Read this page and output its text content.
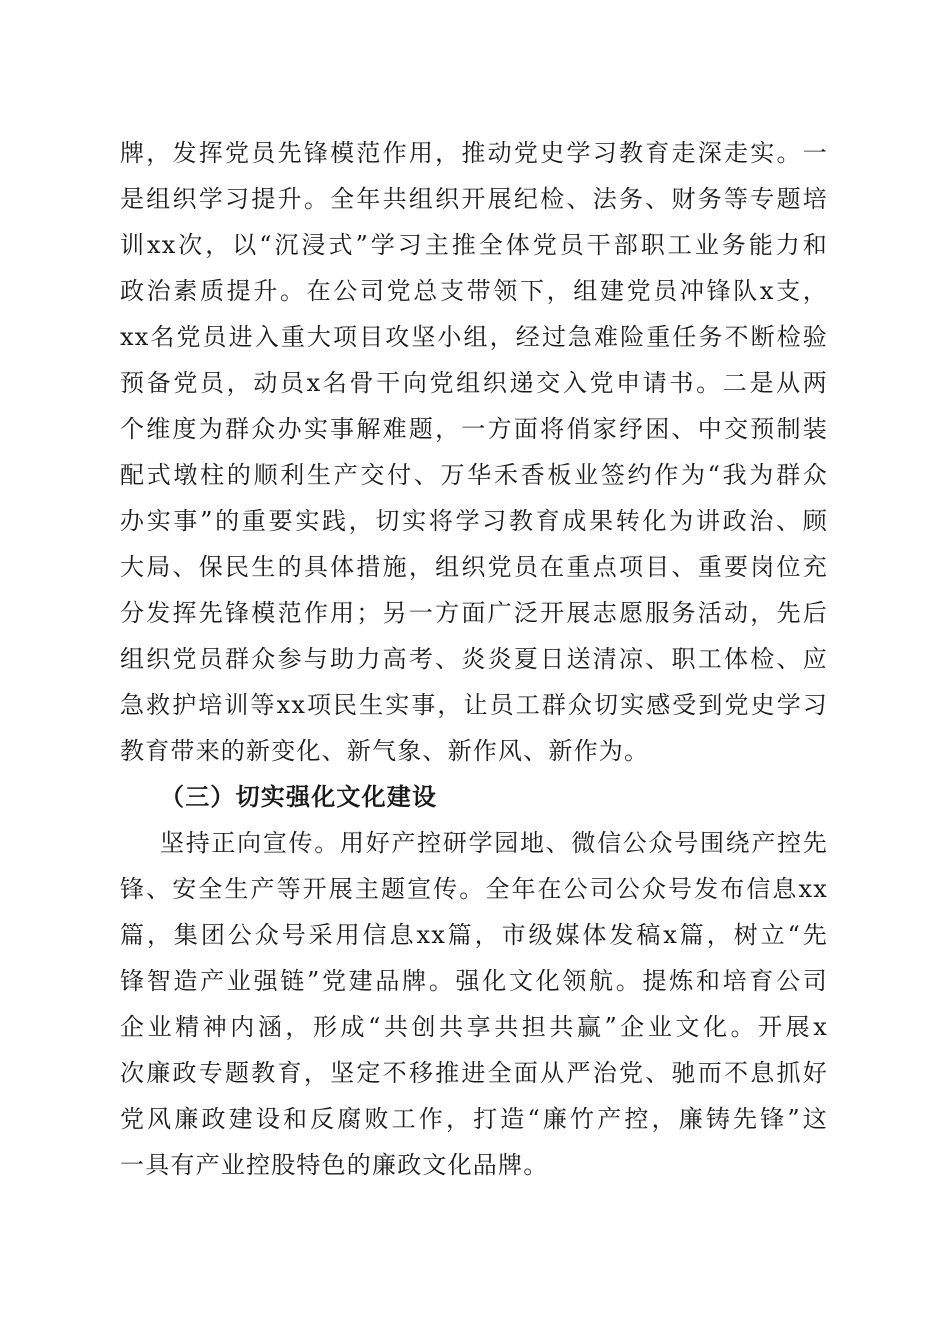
牌，发挥党员先锋模范作用，推动党史学习教育走深走实。一
是组织学习提升。全年共组织开展纪检、法务、财务等专题培
训xx次，以“沉浸式”学习主推全体党员干部职工业务能力和
政治素质提升。在公司党总支带领下，组建党员冲锋队x支，
xx名党员进入重大项目攻坚小组，经过急难险重任务不断检验
预备党员，动员x名骨干向党组织递交入党申请书。二是从两
个维度为群众办实事解难题，一方面将俏家纾困、中交预制装
配式墩柱的顺利生产交付、万华禾香板业签约作为“我为群众
办实事”的重要实践，切实将学习教育成果转化为讲政治、顾
大局、保民生的具体措施，组织党员在重点项目、重要岗位充
分发挥先锋模范作用；另一方面广泛开展志愿服务活动，先后
组织党员群众参与助力高考、炎炎夏日送清凉、职工体检、应
急救护培训等xx项民生实事，让员工群众切实感受到党史学习
教育带来的新变化、新气象、新作风、新作为。
（三）切实强化文化建设
坚持正向宣传。用好产控研学园地、微信公众号围绕产控先
锋、安全生产等开展主题宣传。全年在公司公众号发布信息xx
篇，集团公众号采用信息xx篇，市级媒体发稿x篇，树立“先
锋智造产业强链”党建品牌。强化文化领航。提炼和培育公司
企业精神内涵，形成“共创共享共担共赢”企业文化。开展x
次廉政专题教育，坚定不移推进全面从严治党、驰而不息抓好
党风廉政建设和反腐败工作，打造“廉竹产控，廉铸先锋”这
一具有产业控股特色的廉政文化品牌。
